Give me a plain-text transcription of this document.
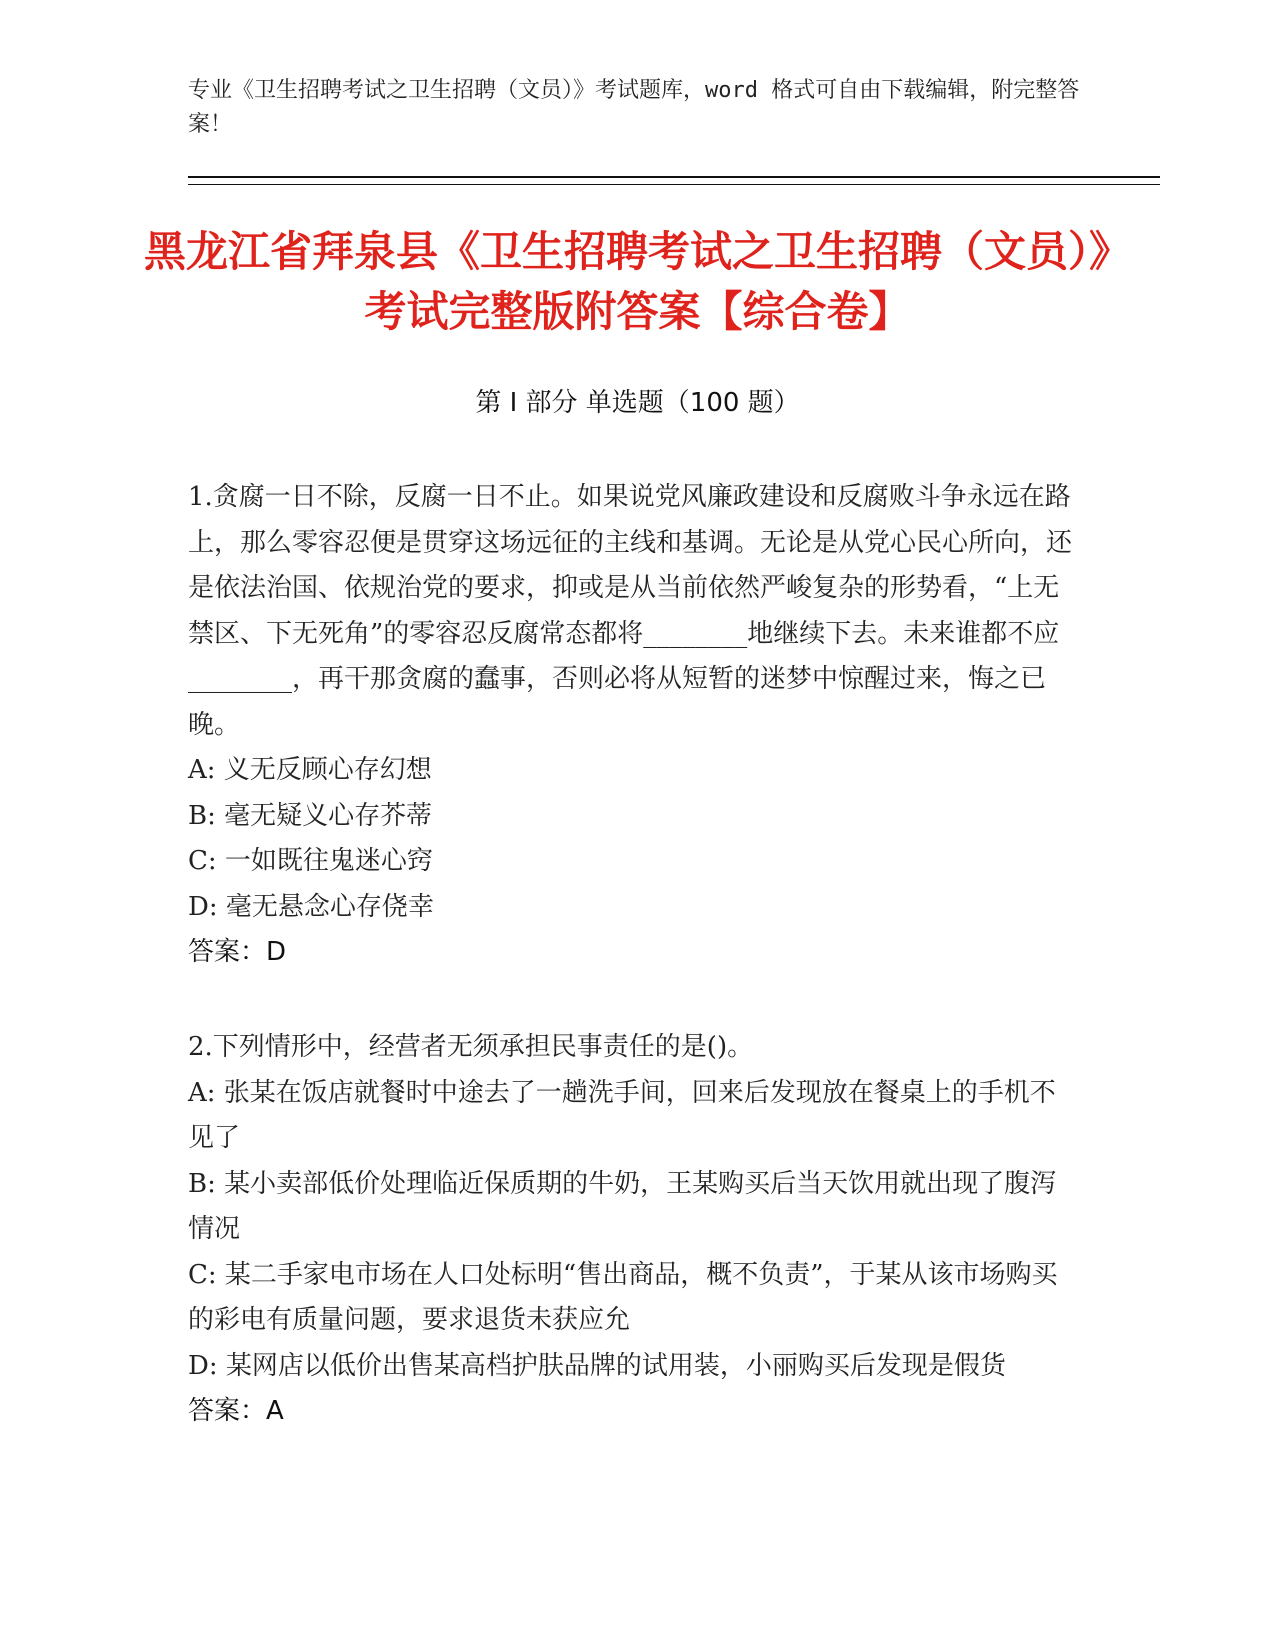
专业《卫生招聘考试之卫生招聘（文员）》考试题库，word 格式可自由下载编辑，附完整答案！
黑龙江省拜泉县《卫生招聘考试之卫生招聘（文员）》考试完整版附答案【综合卷】
第 I 部分 单选题（100 题）

1.贪腐一日不除，反腐一日不止。如果说党风廉政建设和反腐败斗争永远在路上，那么零容忍便是贯穿这场远征的主线和基调。无论是从党心民心所向，还是依法治国、依规治党的要求，抑或是从当前依然严峻复杂的形势看，“上无禁区、下无死角”的零容忍反腐常态都将________地继续下去。未来谁都不应________，再干那贪腐的蠢事，否则必将从短暂的迷梦中惊醒过来，悔之已晚。

A: 义无反顾心存幻想

B: 毫无疑义心存芥蒂

C: 一如既往鬼迷心窍

D: 毫无悬念心存侥幸

答案：D

2.下列情形中，经营者无须承担民事责任的是()。

A: 张某在饭店就餐时中途去了一趟洗手间，回来后发现放在餐桌上的手机不见了

B: 某小卖部低价处理临近保质期的牛奶，王某购买后当天饮用就出现了腹泻情况

C: 某二手家电市场在人口处标明“售出商品，概不负责”，于某从该市场购买的彩电有质量问题，要求退货未获应允

D: 某网店以低价出售某高档护肤品牌的试用装，小丽购买后发现是假货

答案：A
